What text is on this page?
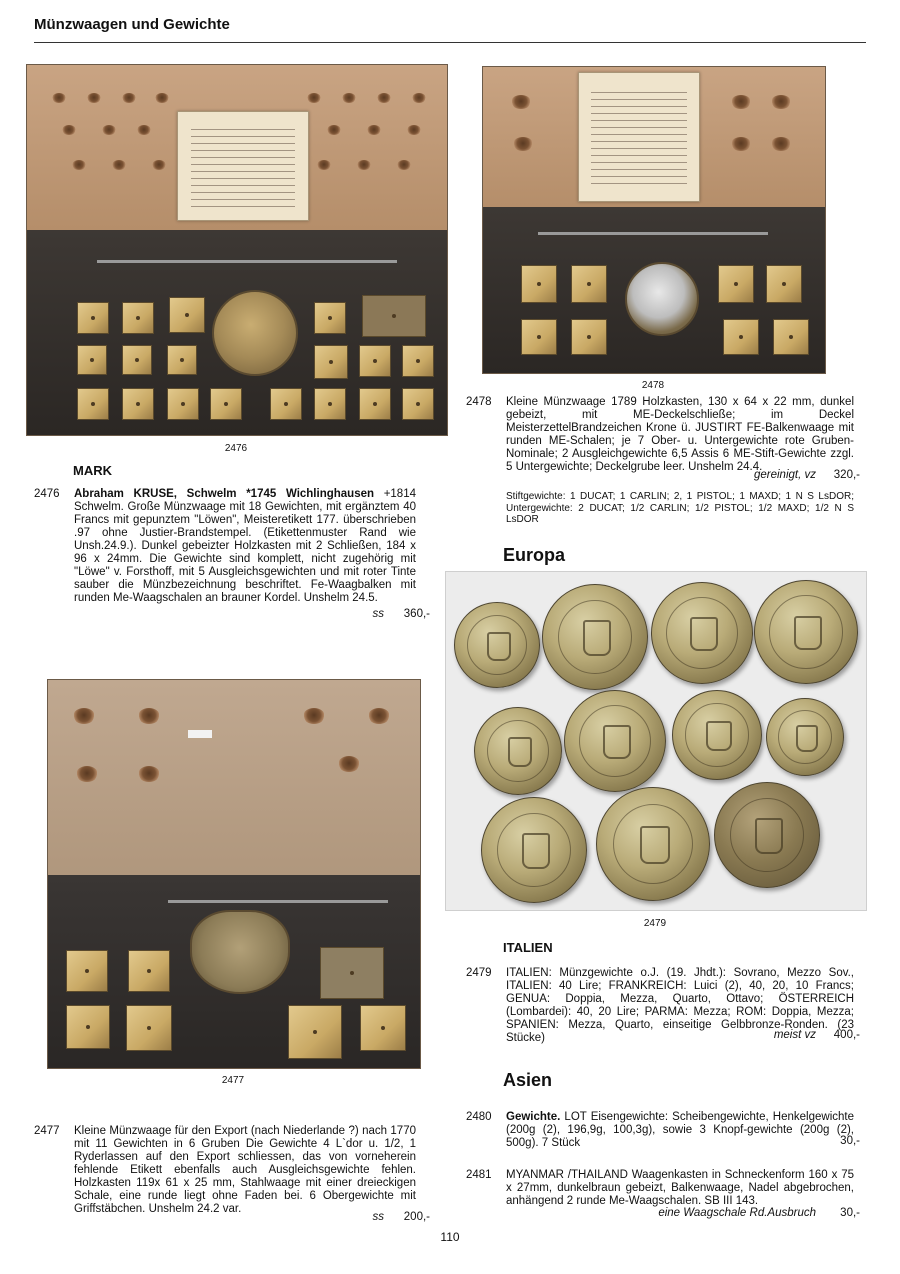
Münzwaagen und Gewichte
2476
MARK
2476	Abraham KRUSE, Schwelm *1745 Wichlinghausen +1814 Schwelm. Große Münzwaage mit 18 Gewichten, mit ergänztem 40 Francs mit gepunztem "Löwen", Meisteretikett 177. überschrieben .97 ohne Justier-Brandstempel. (Etikettenmuster Rand wie Unsh.24.9.). Dunkel gebeizter Holzkasten mit 2 Schließen, 184 x 96 x 24mm. Die Gewichte sind komplett, nicht zugehörig mit "Löwe" v. Forsthoff, mit 5 Ausgleichsgewichten und mit roter Tinte sauber die Münzbezeichnung beschriftet. Fe-Waagbalken mit runden Me-Waagschalen an brauner Kordel. Unshelm 24.5.
ss	360,-
2478
2478	Kleine Münzwaage 1789 Holzkasten, 130 x 64 x 22 mm, dunkel gebeizt, mit ME-Deckelschließe; im Deckel MeisterzettelBrandzeichen Krone ü. JUSTIRT FE-Balkenwaage mit runden ME-Schalen; je 7 Ober- u. Untergewichte rote Gruben-Nominale; 2 Ausgleichgewichte 6,5 Assis 6 ME-Stift-Gewichte zzgl. 5 Untergewichte; Deckelgrube leer. Unshelm 24.4.
gereinigt, vz	320,-
Stiftgewichte: 1 DUCAT; 1 CARLIN; 2, 1 PISTOL; 1 MAXD; 1 N S LsDOR; Untergewichte: 2 DUCAT; 1/2 CARLIN; 1/2 PISTOL; 1/2 MAXD; 1/2 N S LsDOR
Europa
2479
ITALIEN
2479	ITALIEN: Münzgewichte o.J. (19. Jhdt.): Sovrano, Mezzo Sov., ITALIEN: 40 Lire; FRANKREICH: Luici (2), 40, 20, 10 Francs; GENUA: Doppia, Mezza, Quarto, Ottavo; ÖSTERREICH (Lombardei): 40, 20 Lire; PARMA: Mezza; ROM: Doppia, Mezza; SPANIEN: Mezza, Quarto, einseitige Gelbbronze-Ronden. (23 Stücke)	meist vz	400,-
Asien
2480	Gewichte. LOT Eisengewichte: Scheibengewichte, Henkelgewichte (200g (2), 196,9g, 100,3g), sowie 3 Knopf-gewichte (200g (2), 500g). 7 Stück	30,-
2481	MYANMAR /THAILAND Waagenkasten in Schneckenform 160 x 75 x 27mm, dunkelbraun gebeizt, Balkenwaage, Nadel abgebrochen, anhängend 2 runde Me-Waagschalen. SB III 143.
eine Waagschale Rd.Ausbruch	30,-
2477
2477	Kleine Münzwaage für den Export (nach Niederlande ?) nach 1770 mit 11 Gewichten in 6 Gruben Die Gewichte 4 L`dor u. 1/2, 1 Ryderlassen auf den Export schliessen, das von vorneherein fehlende Etikett ebenfalls auch Ausgleichsgewichte fehlen. Holzkasten 119x 61 x 25 mm, Stahlwaage mit einer dreieckigen Schale, eine runde liegt ohne Faden bei. 6 Obergewichte mit Griffstäbchen. Unshelm 24.2 var.
ss	200,-
110
